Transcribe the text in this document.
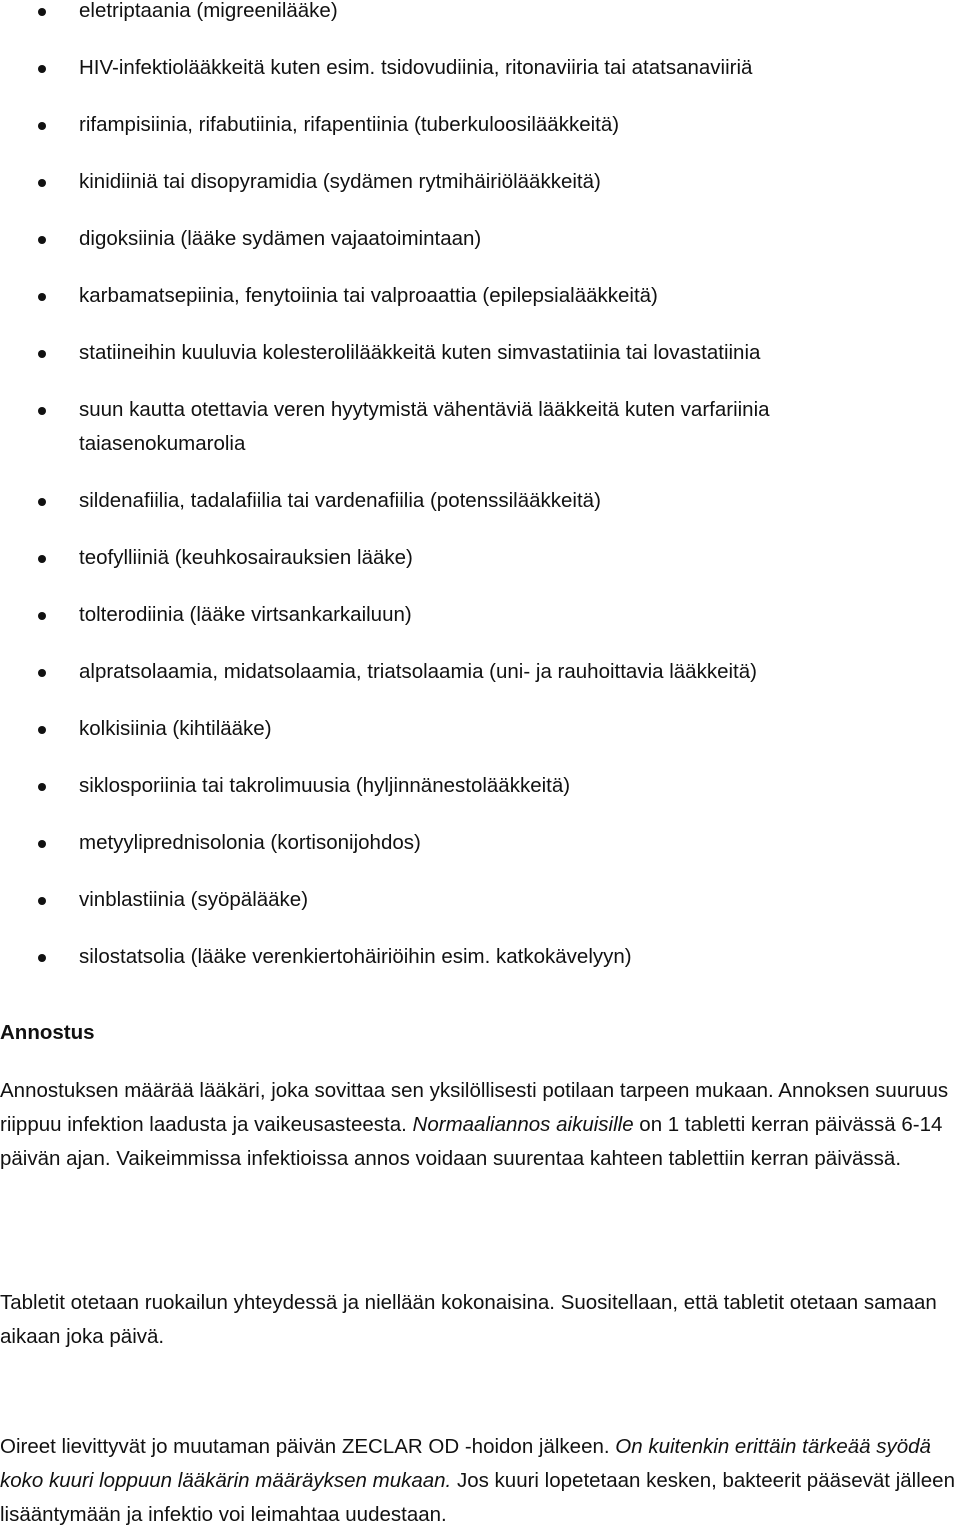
eletriptaania (migreenilääke)
HIV-infektiolääkkeitä kuten esim. tsidovudiinia, ritonaviiria tai atatsanaviiriä
rifampisiinia, rifabutiinia, rifapentiinia (tuberkuloosilääkkeitä)
kinidiiniä tai disopyramidia (sydämen rytmihäiriölääkkeitä)
digoksiinia (lääke sydämen vajaatoimintaan)
karbamatsepiinia, fenytoiinia tai valproaattia (epilepsialääkkeitä)
statiineihin kuuluvia kolesterolilääkkeitä kuten simvastatiinia tai lovastatiinia
suun kautta otettavia veren hyytymistä vähentäviä lääkkeitä kuten varfariinia taiasenokumarolia
sildenafiilia, tadalafiilia tai vardenafiilia (potenssilääkkeitä)
teofylliiniä (keuhkosairauksien lääke)
tolterodiinia (lääke virtsankarkailuun)
alpratsolaamia, midatsolaamia, triatsolaamia (uni- ja rauhoittavia lääkkeitä)
kolkisiinia (kihtilääke)
siklosporiinia tai takrolimuusia (hyljinnänestolääkkeitä)
metyyliprednisolonia (kortisonijohdos)
vinblastiinia (syöpälääke)
silostatsolia (lääke verenkiertohäiriöihin esim. katkokävelyyn)
Annostus
Annostuksen määrää lääkäri, joka sovittaa sen yksilöllisesti potilaan tarpeen mukaan. Annoksen suuruus riippuu infektion laadusta ja vaikeusasteesta. Normaaliannos aikuisille on 1 tabletti kerran päivässä 6-14 päivän ajan. Vaikeimmissa infektioissa annos voidaan suurentaa kahteen tablettiin kerran päivässä.
Tabletit otetaan ruokailun yhteydessä ja niellään kokonaisina. Suositellaan, että tabletit otetaan samaan aikaan joka päivä.
Oireet lievittyvät jo muutaman päivän ZECLAR OD -hoidon jälkeen. On kuitenkin erittäin tärkeää syödä koko kuuri loppuun lääkärin määräyksen mukaan. Jos kuuri lopetetaan kesken, bakteerit pääsevät jälleen lisääntymään ja infektio voi leimahtaa uudestaan.
